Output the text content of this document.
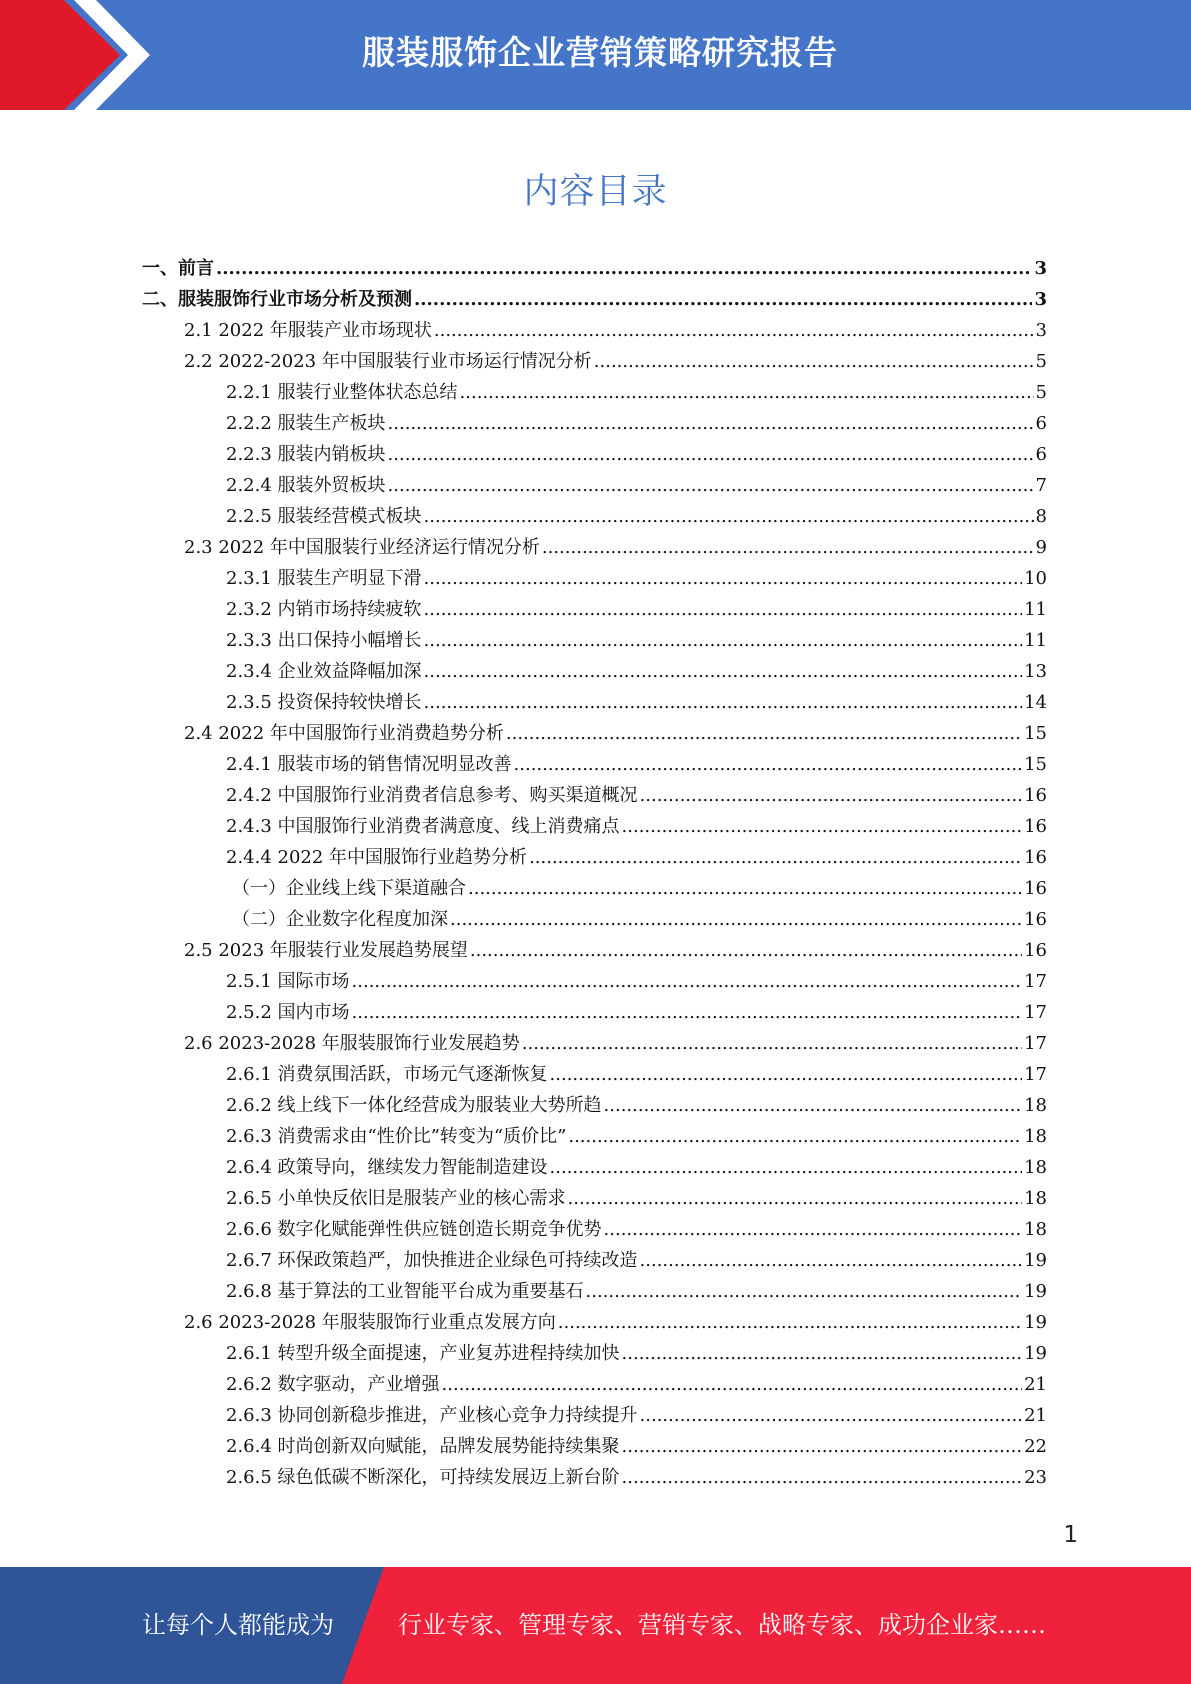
服装服饰企业营销策略研究报告
内容目录
一、前言 .....	3
二、服装服饰行业市场分析及预测 .....	3
2.1 2022 年服装产业市场现状 .....	3
2.2 2022-2023 年中国服装行业市场运行情况分析 .....	5
2.2.1 服装行业整体状态总结 .....	5
2.2.2 服装生产板块 .....	6
2.2.3 服装内销板块 .....	6
2.2.4 服装外贸板块 .....	7
2.2.5 服装经营模式板块 .....	8
2.3 2022 年中国服装行业经济运行情况分析 .....	9
2.3.1 服装生产明显下滑 .....	10
2.3.2 内销市场持续疲软 .....	11
2.3.3 出口保持小幅增长 .....	11
2.3.4 企业效益降幅加深 .....	13
2.3.5 投资保持较快增长 .....	14
2.4 2022 年中国服饰行业消费趋势分析 .....	15
2.4.1 服装市场的销售情况明显改善 .....	15
2.4.2 中国服饰行业消费者信息参考、购买渠道概况 .....	16
2.4.3 中国服饰行业消费者满意度、线上消费痛点 .....	16
2.4.4 2022 年中国服饰行业趋势分析 .....	16
（一）企业线上线下渠道融合 .....	16
（二）企业数字化程度加深 .....	16
2.5 2023 年服装行业发展趋势展望 .....	16
2.5.1 国际市场 .....	17
2.5.2 国内市场 .....	17
2.6 2023-2028 年服装服饰行业发展趋势 .....	17
2.6.1 消费氛围活跃，市场元气逐渐恢复 .....	17
2.6.2 线上线下一体化经营成为服装业大势所趋 .....	18
2.6.3 消费需求由“性价比”转变为“质价比” .....	18
2.6.4 政策导向，继续发力智能制造建设 .....	18
2.6.5 小单快反依旧是服装产业的核心需求 .....	18
2.6.6 数字化赋能弹性供应链创造长期竞争优势 .....	18
2.6.7 环保政策趋严，加快推进企业绿色可持续改造 .....	19
2.6.8 基于算法的工业智能平台成为重要基石 .....	19
2.6 2023-2028 年服装服饰行业重点发展方向 .....	19
2.6.1 转型升级全面提速，产业复苏进程持续加快 .....	19
2.6.2 数字驱动，产业增强 .....	21
2.6.3 协同创新稳步推进，产业核心竞争力持续提升 .....	21
2.6.4 时尚创新双向赋能，品牌发展势能持续集聚 .....	22
2.6.5 绿色低碳不断深化，可持续发展迈上新台阶 .....	23
1
让每个人都能成为	行业专家、管理专家、营销专家、战略专家、成功企业家……
